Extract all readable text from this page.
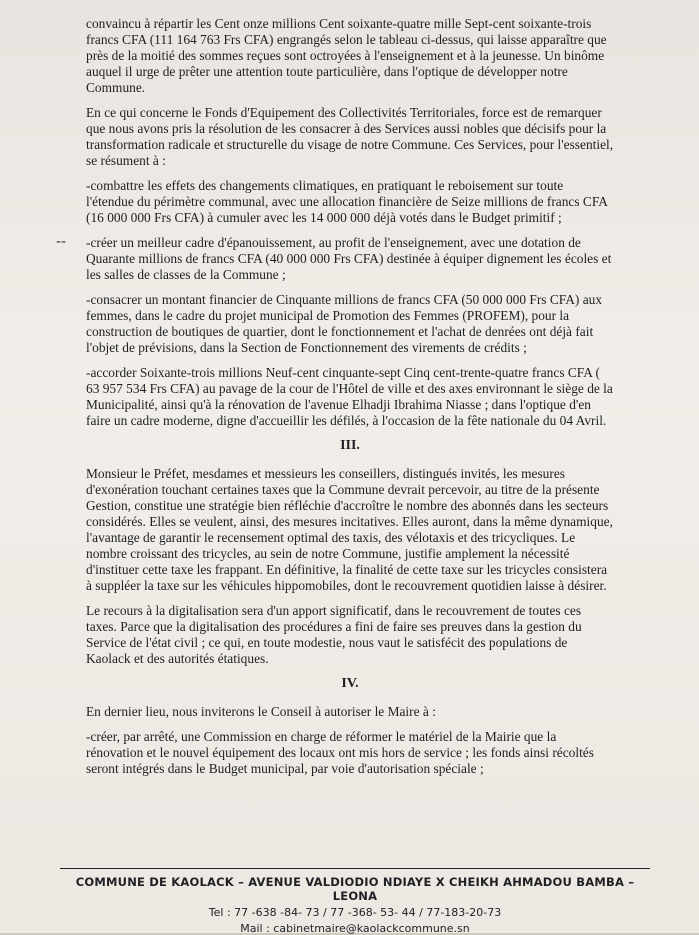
--

convaincu à répartir les Cent onze millions Cent soixante-quatre mille Sept-cent soixante-trois francs CFA (111 164 763 Frs CFA) engrangés selon le tableau ci-dessus, qui laisse apparaître que près de la moitié des sommes reçues sont octroyées à l'enseignement et à la jeunesse. Un binôme auquel il urge de prêter une attention toute particulière, dans l'optique de développer notre Commune.

En ce qui concerne le Fonds d'Equipement des Collectivités Territoriales, force est de remarquer que nous avons pris la résolution de les consacrer à des Services aussi nobles que décisifs pour la transformation radicale et structurelle du visage de notre Commune. Ces Services, pour l'essentiel, se résument à :

-combattre les effets des changements climatiques, en pratiquant le reboisement sur toute l'étendue du périmètre communal, avec une allocation financière de Seize millions de francs CFA (16 000 000 Frs CFA) à cumuler avec les 14 000 000 déjà votés dans le Budget primitif ;

-créer un meilleur cadre d'épanouissement, au profit de l'enseignement, avec une dotation de Quarante millions de francs CFA (40 000 000 Frs CFA) destinée à équiper dignement les écoles et les salles de classes de la Commune ;

-consacrer un montant financier de Cinquante millions de francs CFA (50 000 000 Frs CFA) aux femmes, dans le cadre du projet municipal de Promotion des Femmes (PROFEM), pour la construction de boutiques de quartier, dont le fonctionnement et l'achat de denrées ont déjà fait l'objet de prévisions, dans la Section de Fonctionnement des virements de crédits ;

-accorder Soixante-trois millions Neuf-cent cinquante-sept Cinq cent-trente-quatre francs CFA ( 63 957 534 Frs CFA) au pavage de la cour de l'Hôtel de ville et des axes environnant le siège de la Municipalité, ainsi qu'à la rénovation de l'avenue Elhadji Ibrahima Niasse ; dans l'optique d'en faire un cadre moderne, digne d'accueillir les défilés, à l'occasion de la fête nationale du 04 Avril.

III.

Monsieur le Préfet, mesdames et messieurs les conseillers, distingués invités, les mesures d'exonération touchant certaines taxes que la Commune devrait percevoir, au titre de la présente Gestion, constitue une stratégie bien réfléchie d'accroître le nombre des abonnés dans les secteurs considérés. Elles se veulent, ainsi, des mesures incitatives. Elles auront, dans la même dynamique, l'avantage de garantir le recensement optimal des taxis, des vélotaxis et des tricycliques. Le nombre croissant des tricycles, au sein de notre Commune, justifie amplement la nécessité d'instituer cette taxe les frappant. En définitive, la finalité de cette taxe sur les tricycles consistera à suppléer la taxe sur les véhicules hippomobiles, dont le recouvrement quotidien laisse à désirer.

Le recours à la digitalisation sera d'un apport significatif, dans le recouvrement de toutes ces taxes. Parce que la digitalisation des procédures a fini de faire ses preuves dans la gestion du Service de l'état civil ; ce qui, en toute modestie, nous vaut le satisfécit des populations de Kaolack et des autorités étatiques.

IV.

En dernier lieu, nous inviterons le Conseil à autoriser le Maire à :

-créer, par arrêté, une Commission en charge de réformer le matériel de la Mairie que la rénovation et le nouvel équipement des locaux ont mis hors de service ; les fonds ainsi récoltés seront intégrés dans le Budget municipal, par voie d'autorisation spéciale ;

COMMUNE DE KAOLACK – AVENUE VALDIODIO NDIAYE X CHEIKH AHMADOU BAMBA – LEONA
Tel : 77 -638 -84- 73 / 77 -368- 53- 44 / 77-183-20-73
Mail : cabinetmaire@kaolackcommune.sn
